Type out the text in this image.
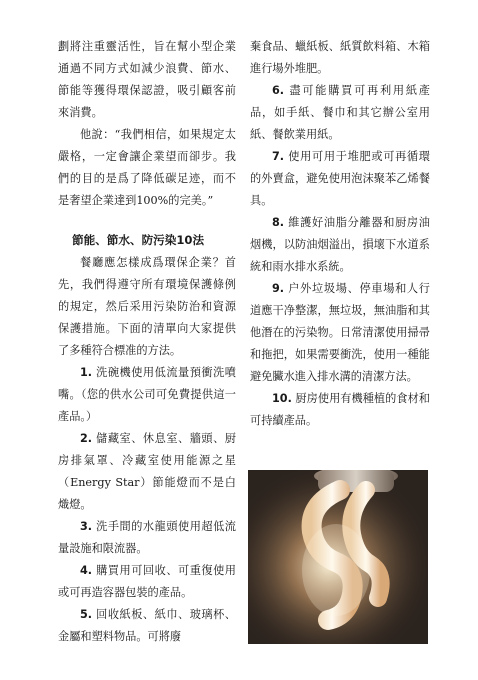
劃將注重靈活性，旨在幫小型企業通過不同方式如減少浪費、節水、節能等獲得環保認證，吸引顧客前來消費。

他說：“我們相信，如果規定太嚴格，一定會讓企業望而卻步。我們的目的是爲了降低碳足迹，而不是奢望企業達到100%的完美。”

節能、節水、防污染10法

餐廳應怎樣成爲環保企業？首先，我們得遵守所有環境保護條例的規定，然后采用污染防治和資源保護措施。下面的清單向大家提供了多種符合標准的方法。

1. 洗碗機使用低流量預衝洗噴嘴。（您的供水公司可免費提供這一產品。）

2. 儲藏室、休息室、牆頭、厨房排氣罩、冷藏室使用能源之星（Energy Star）節能燈而不是白熾燈。

3. 洗手間的水龍頭使用超低流量設施和限流器。

4. 購買用可回收、可重復使用或可再造容器包裝的產品。

5. 回收紙板、紙巾、玻璃杯、金屬和塑料物品。可將廢

棄食品、蠟紙板、紙質飲料箱、木箱進行場外堆肥。

6. 盡可能購買可再利用紙產品，如手紙、餐巾和其它辦公室用紙、餐飲業用紙。

7. 使用可用于堆肥或可再循環的外賣盒，避免使用泡沫聚苯乙烯餐具。

8. 維護好油脂分離器和厨房油烟機，以防油烟溢出，損壞下水道系統和雨水排水系統。

9. 户外垃圾場、停車場和人行道應干净整潔，無垃圾，無油脂和其他潛在的污染物。日常清潔使用掃帚和拖把，如果需要衝洗，使用一種能避免臟水進入排水溝的清潔方法。

10. 厨房使用有機種植的食材和可持續產品。
